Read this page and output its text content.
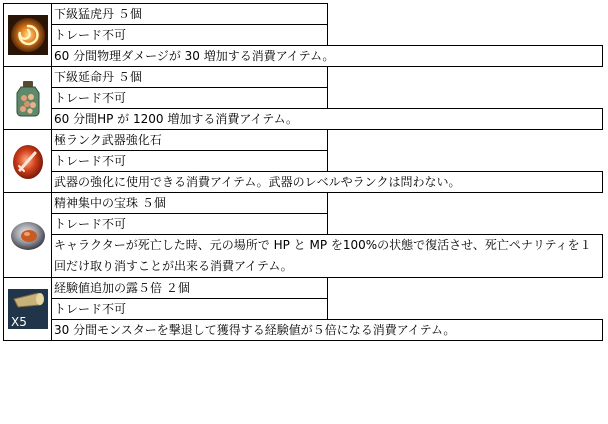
	下級猛虎丹 ５個
	トレード不可
	60 分間物理ダメージが 30 増加する消費アイテム。

	下級延命丹 ５個
	トレード不可
	60 分間HP が 1200 増加する消費アイテム。

	極ランク武器強化石
	トレード不可
	武器の強化に使用できる消費アイテム。武器のレベルやランクは問わない。

	精神集中の宝珠 ５個
	トレード不可
	キャラクターが死亡した時、元の場所で HP と MP を100%の状態で復活させ、死亡ペナリティを１回だけ取り消すことが出来る消費アイテム。

X5	経験値追加の露５倍 ２個
	トレード不可
	30 分間モンスターを撃退して獲得する経験値が５倍になる消費アイテム。
